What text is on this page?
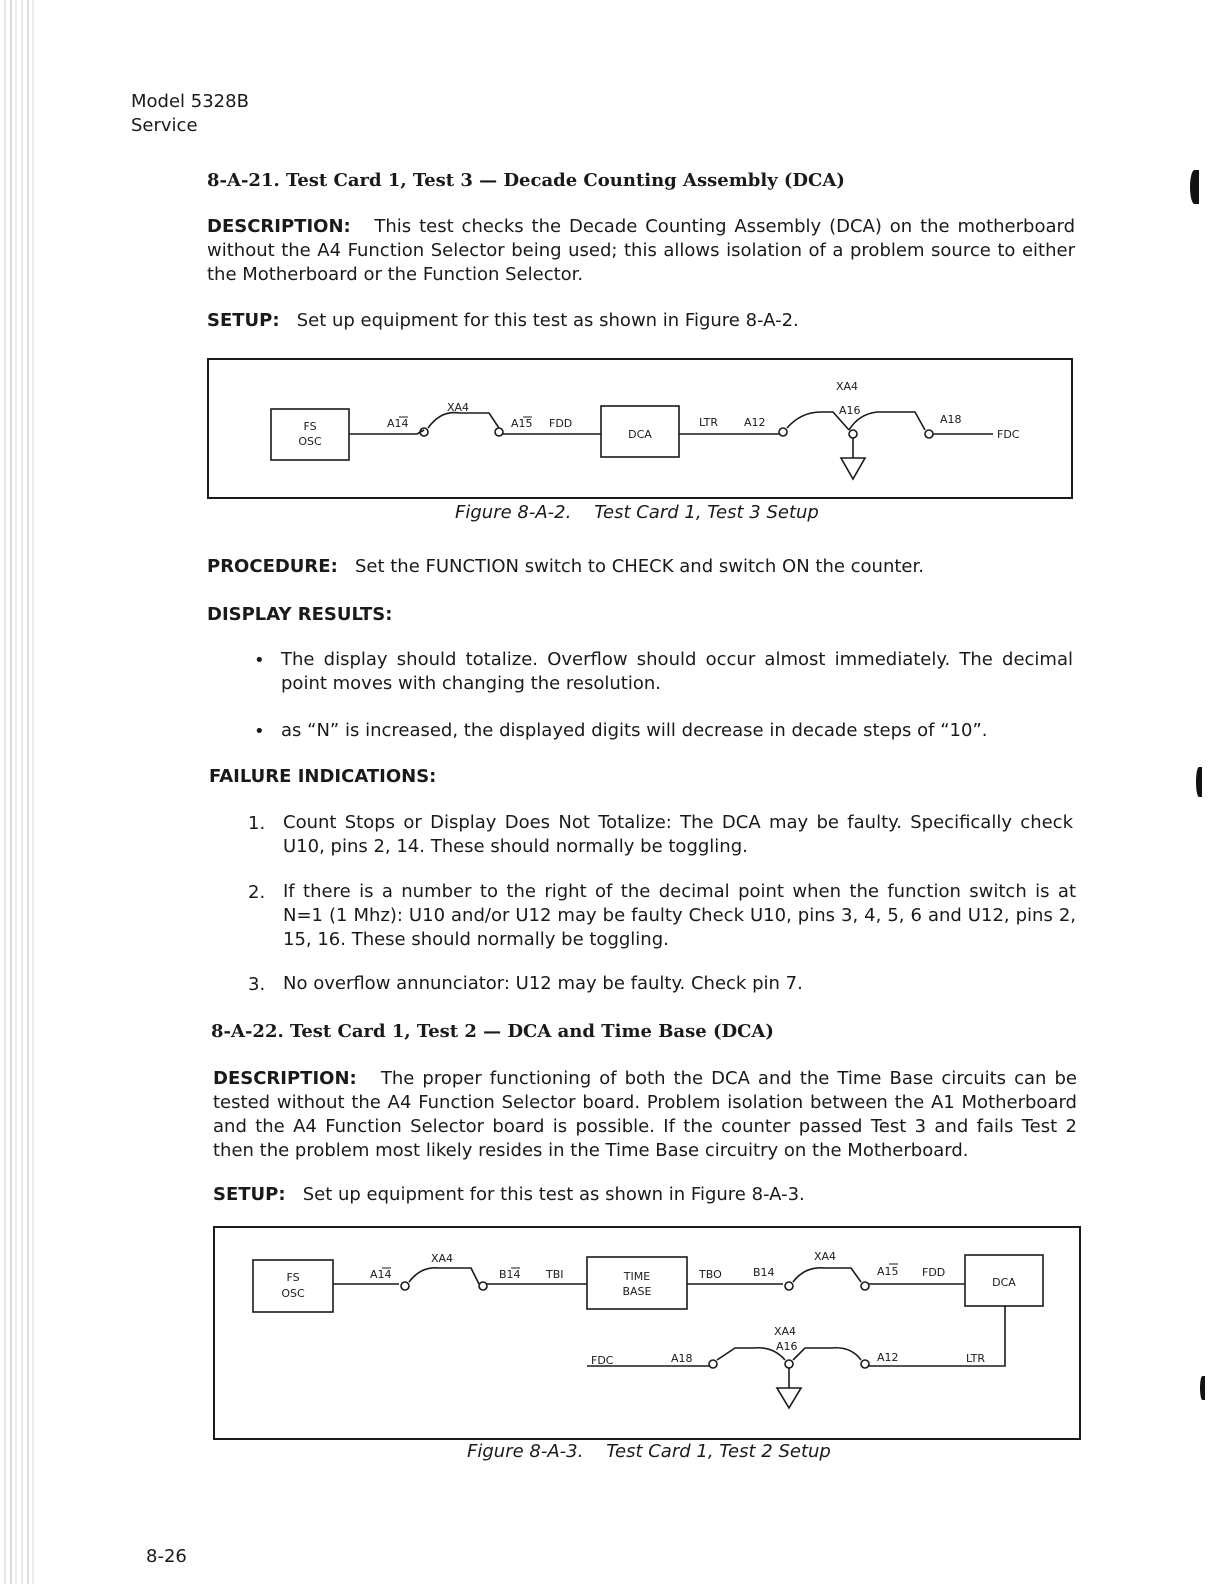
Model 5328B
Service
8-A-21. Test Card 1, Test 3 — Decade Counting Assembly (DCA)
DESCRIPTION: This test checks the Decade Counting Assembly (DCA) on the motherboard without the A4 Function Selector being used; this allows isolation of a problem source to either the Motherboard or the Function Selector.
SETUP: Set up equipment for this test as shown in Figure 8-A-2.
FS
OSC
A14
XA4
A15 FDD
DCA
LTR A12
XA4
A16
A18
FDC
Figure 8-A-2. Test Card 1, Test 3 Setup
PROCEDURE: Set the FUNCTION switch to CHECK and switch ON the counter.
DISPLAY RESULTS:
• The display should totalize. Overflow should occur almost immediately. The decimal point moves with changing the resolution.
• as “N” is increased, the displayed digits will decrease in decade steps of “10”.
FAILURE INDICATIONS:
1. Count Stops or Display Does Not Totalize: The DCA may be faulty. Specifically check U10, pins 2, 14. These should normally be toggling.
2. If there is a number to the right of the decimal point when the function switch is at N=1 (1 Mhz): U10 and/or U12 may be faulty Check U10, pins 3, 4, 5, 6 and U12, pins 2, 15, 16. These should normally be toggling.
3. No overflow annunciator: U12 may be faulty. Check pin 7.
8-A-22. Test Card 1, Test 2 — DCA and Time Base (DCA)
DESCRIPTION: The proper functioning of both the DCA and the Time Base circuits can be tested without the A4 Function Selector board. Problem isolation between the A1 Motherboard and the A4 Function Selector board is possible. If the counter passed Test 3 and fails Test 2 then the problem most likely resides in the Time Base circuitry on the Motherboard.
SETUP: Set up equipment for this test as shown in Figure 8-A-3.
FS
OSC
A14
XA4
B14 TBI	TIME
BASE
TBO	B14
XA4
A15 FDD
DCA
XA4
A16
FDC	A18	A12	LTR
Figure 8-A-3. Test Card 1, Test 2 Setup
8-26
